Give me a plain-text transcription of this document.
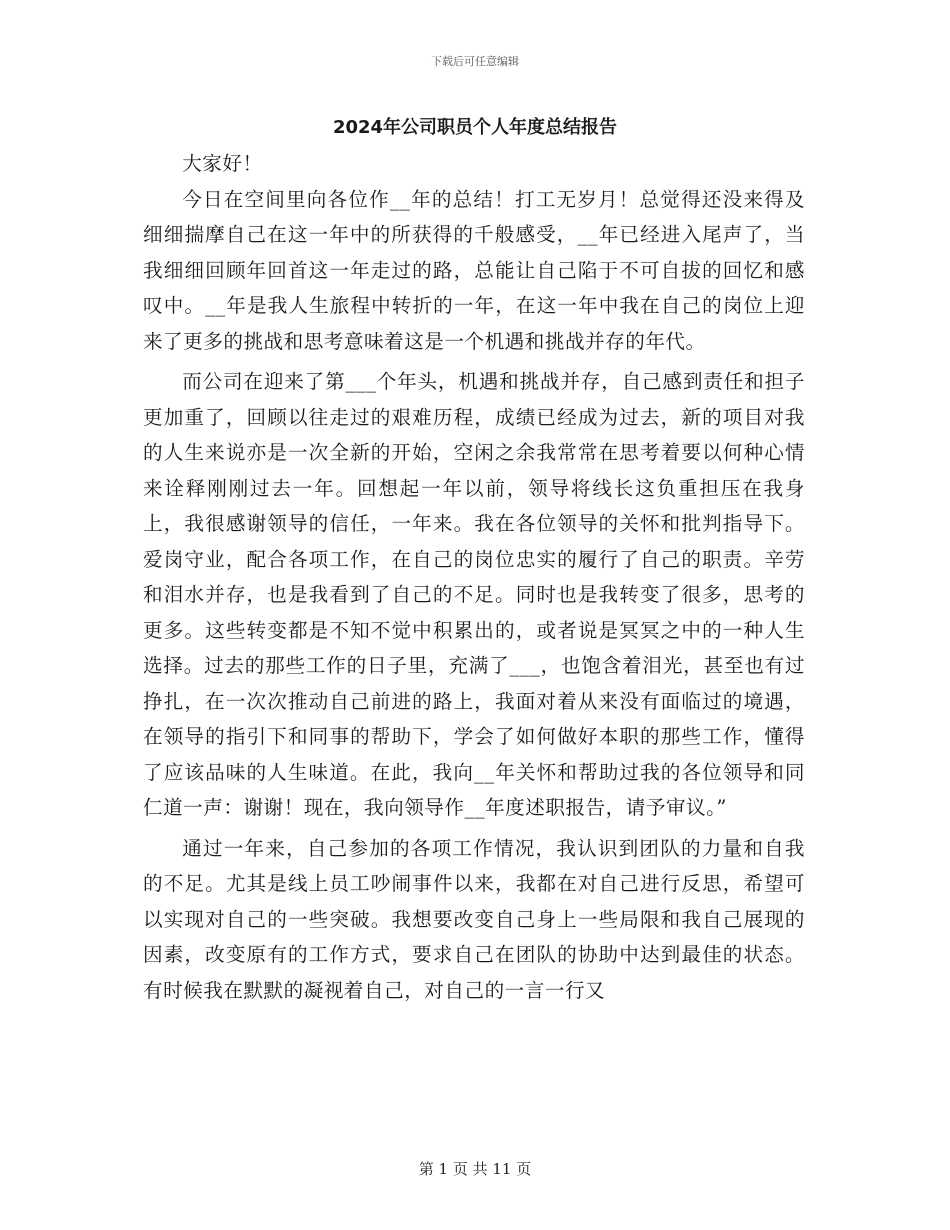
下载后可任意编辑
2024年公司职员个人年度总结报告

大家好！

今日在空间里向各位作__年的总结！打工无岁月！总觉得还没来得及细细揣摩自己在这一年中的所获得的千般感受，__年已经进入尾声了，当我细细回顾年回首这一年走过的路，总能让自己陷于不可自拔的回忆和感叹中。__年是我人生旅程中转折的一年，在这一年中我在自己的岗位上迎来了更多的挑战和思考意味着这是一个机遇和挑战并存的年代。

而公司在迎来了第___个年头，机遇和挑战并存，自己感到责任和担子更加重了，回顾以往走过的艰难历程，成绩已经成为过去，新的项目对我的人生来说亦是一次全新的开始，空闲之余我常常在思考着要以何种心情来诠释刚刚过去一年。回想起一年以前，领导将线长这负重担压在我身上，我很感谢领导的信任，一年来。我在各位领导的关怀和批判指导下。爱岗守业，配合各项工作，在自己的岗位忠实的履行了自己的职责。辛劳和泪水并存，也是我看到了自己的不足。同时也是我转变了很多，思考的更多。这些转变都是不知不觉中积累出的，或者说是冥冥之中的一种人生选择。过去的那些工作的日子里，充满了___，也饱含着泪光，甚至也有过挣扎，在一次次推动自己前进的路上，我面对着从来没有面临过的境遇，在领导的指引下和同事的帮助下，学会了如何做好本职的那些工作，懂得了应该品味的人生味道。在此，我向__年关怀和帮助过我的各位领导和同仁道一声：谢谢！现在，我向领导作__年度述职报告，请予审议。”

通过一年来，自己参加的各项工作情况，我认识到团队的力量和自我的不足。尤其是线上员工吵闹事件以来，我都在对自己进行反思，希望可以实现对自己的一些突破。我想要改变自己身上一些局限和我自己展现的因素，改变原有的工作方式，要求自己在团队的协助中达到最佳的状态。有时候我在默默的凝视着自己，对自己的一言一行又

第 1 页 共 11 页
